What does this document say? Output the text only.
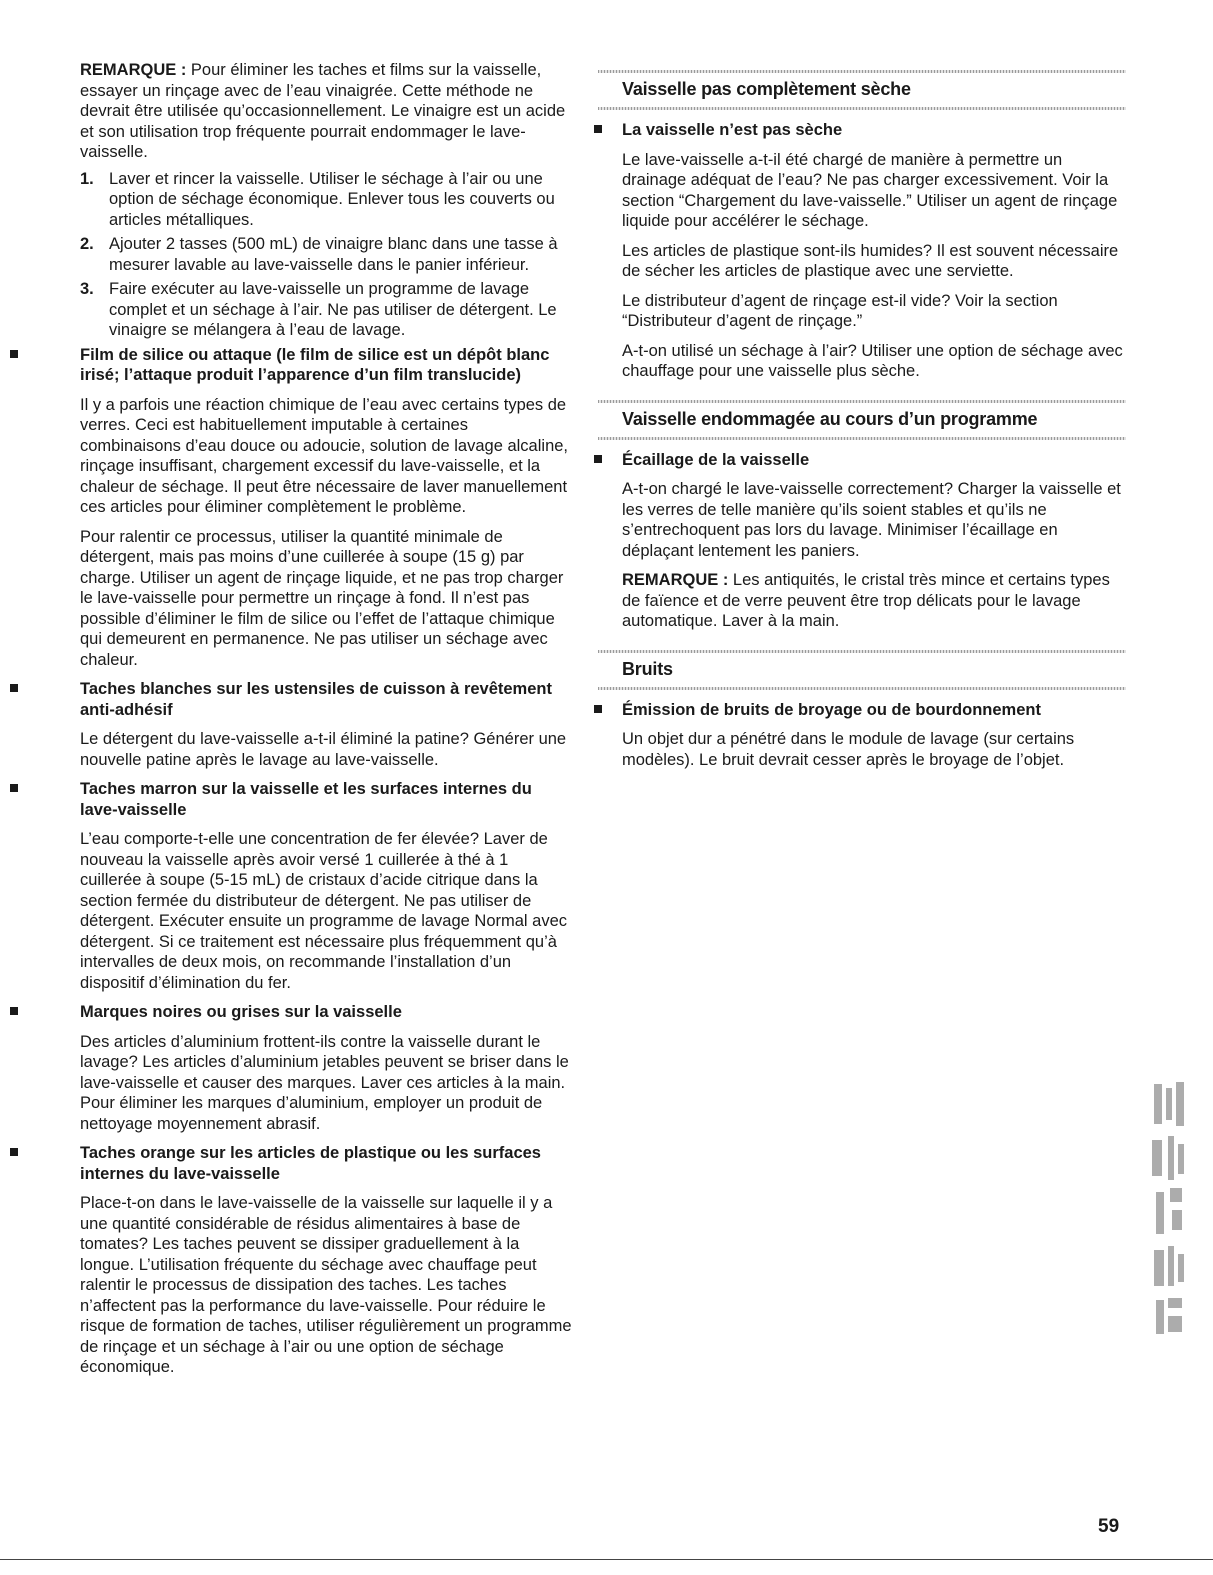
REMARQUE : Pour éliminer les taches et films sur la vaisselle, essayer un rinçage avec de l’eau vinaigrée. Cette méthode ne devrait être utilisée qu’occasionnellement. Le vinaigre est un acide et son utilisation trop fréquente pourrait endommager le lave-vaisselle.

1. Laver et rincer la vaisselle. Utiliser le séchage à l’air ou une option de séchage économique. Enlever tous les couverts ou articles métalliques.
2. Ajouter 2 tasses (500 mL) de vinaigre blanc dans une tasse à mesurer lavable au lave-vaisselle dans le panier inférieur.
3. Faire exécuter au lave-vaisselle un programme de lavage complet et un séchage à l’air. Ne pas utiliser de détergent. Le vinaigre se mélangera à l’eau de lavage.
Film de silice ou attaque (le film de silice est un dépôt blanc irisé; l’attaque produit l’apparence d’un film translucide)

Il y a parfois une réaction chimique de l’eau avec certains types de verres. Ceci est habituellement imputable à certaines combinaisons d’eau douce ou adoucie, solution de lavage alcaline, rinçage insuffisant, chargement excessif du lave-vaisselle, et la chaleur de séchage. Il peut être nécessaire de laver manuellement ces articles pour éliminer complètement le problème.

Pour ralentir ce processus, utiliser la quantité minimale de détergent, mais pas moins d’une cuillerée à soupe (15 g) par charge. Utiliser un agent de rinçage liquide, et ne pas trop charger le lave-vaisselle pour permettre un rinçage à fond. Il n’est pas possible d’éliminer le film de silice ou l’effet de l’attaque chimique qui demeurent en permanence. Ne pas utiliser un séchage avec chaleur.

Taches blanches sur les ustensiles de cuisson à revêtement anti-adhésif

Le détergent du lave-vaisselle a-t-il éliminé la patine? Générer une nouvelle patine après le lavage au lave-vaisselle.

Taches marron sur la vaisselle et les surfaces internes du lave-vaisselle

L’eau comporte-t-elle une concentration de fer élevée? Laver de nouveau la vaisselle après avoir versé 1 cuillerée à thé à 1 cuillerée à soupe (5-15 mL) de cristaux d’acide citrique dans la section fermée du distributeur de détergent. Ne pas utiliser de détergent. Exécuter ensuite un programme de lavage Normal avec détergent. Si ce traitement est nécessaire plus fréquemment qu’à intervalles de deux mois, on recommande l’installation d’un dispositif d’élimination du fer.

Marques noires ou grises sur la vaisselle

Des articles d’aluminium frottent-ils contre la vaisselle durant le lavage? Les articles d’aluminium jetables peuvent se briser dans le lave-vaisselle et causer des marques. Laver ces articles à la main. Pour éliminer les marques d’aluminium, employer un produit de nettoyage moyennement abrasif.

Taches orange sur les articles de plastique ou les surfaces internes du lave-vaisselle

Place-t-on dans le lave-vaisselle de la vaisselle sur laquelle il y a une quantité considérable de résidus alimentaires à base de tomates? Les taches peuvent se dissiper graduellement à la longue. L’utilisation fréquente du séchage avec chauffage peut ralentir le processus de dissipation des taches. Les taches n’affectent pas la performance du lave-vaisselle. Pour réduire le risque de formation de taches, utiliser régulièrement un programme de rinçage et un séchage à l’air ou une option de séchage économique.

Vaisselle pas complètement sèche
La vaisselle n’est pas sèche

Le lave-vaisselle a-t-il été chargé de manière à permettre un drainage adéquat de l’eau? Ne pas charger excessivement. Voir la section “Chargement du lave-vaisselle.” Utiliser un agent de rinçage liquide pour accélérer le séchage.

Les articles de plastique sont-ils humides? Il est souvent nécessaire de sécher les articles de plastique avec une serviette.

Le distributeur d’agent de rinçage est-il vide? Voir la section “Distributeur d’agent de rinçage.”

A-t-on utilisé un séchage à l’air? Utiliser une option de séchage avec chauffage pour une vaisselle plus sèche.

Vaisselle endommagée au cours d’un programme
Écaillage de la vaisselle

A-t-on chargé le lave-vaisselle correctement? Charger la vaisselle et les verres de telle manière qu’ils soient stables et qu’ils ne s’entrechoquent pas lors du lavage. Minimiser l’écaillage en déplaçant lentement les paniers.

REMARQUE : Les antiquités, le cristal très mince et certains types de faïence et de verre peuvent être trop délicats pour le lavage automatique. Laver à la main.

Bruits
Émission de bruits de broyage ou de bourdonnement

Un objet dur a pénétré dans le module de lavage (sur certains modèles). Le bruit devrait cesser après le broyage de l’objet.

59
